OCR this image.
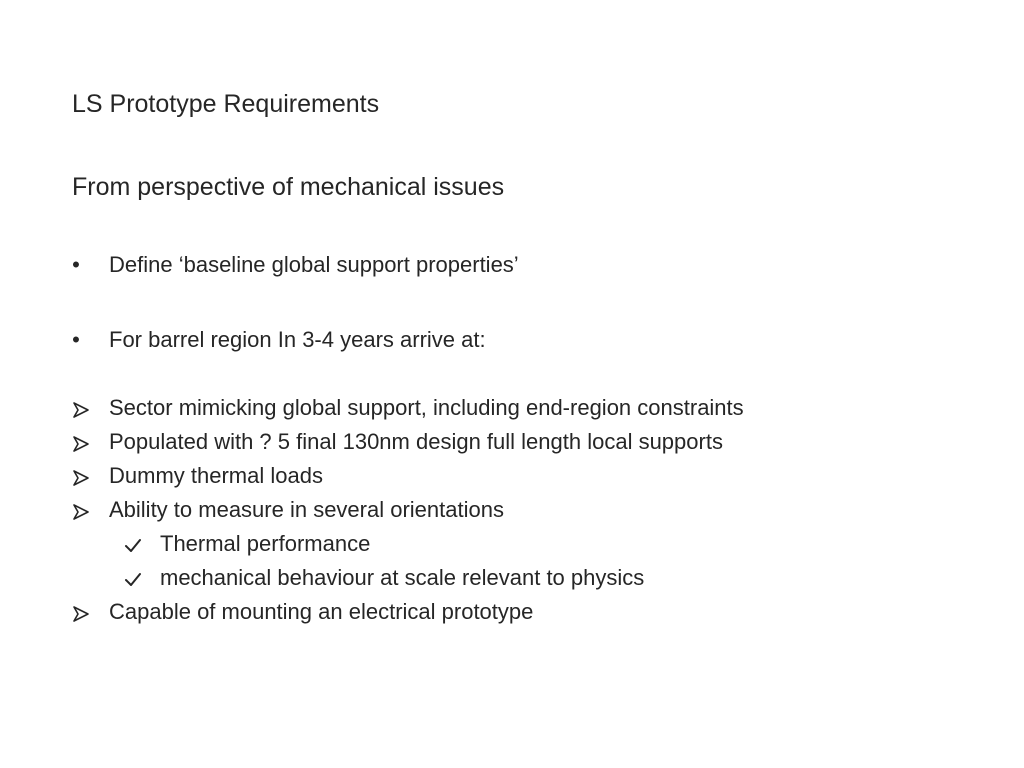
LS Prototype Requirements
From perspective of mechanical issues
• Define ‘baseline global support properties’
• For barrel region In 3-4 years arrive at:
Sector mimicking global support, including end-region constraints
Populated with ? 5 final 130nm design full length local supports
Dummy thermal loads
Ability to measure in several orientations
Thermal performance
mechanical behaviour at scale relevant to physics
Capable of mounting an electrical prototype
